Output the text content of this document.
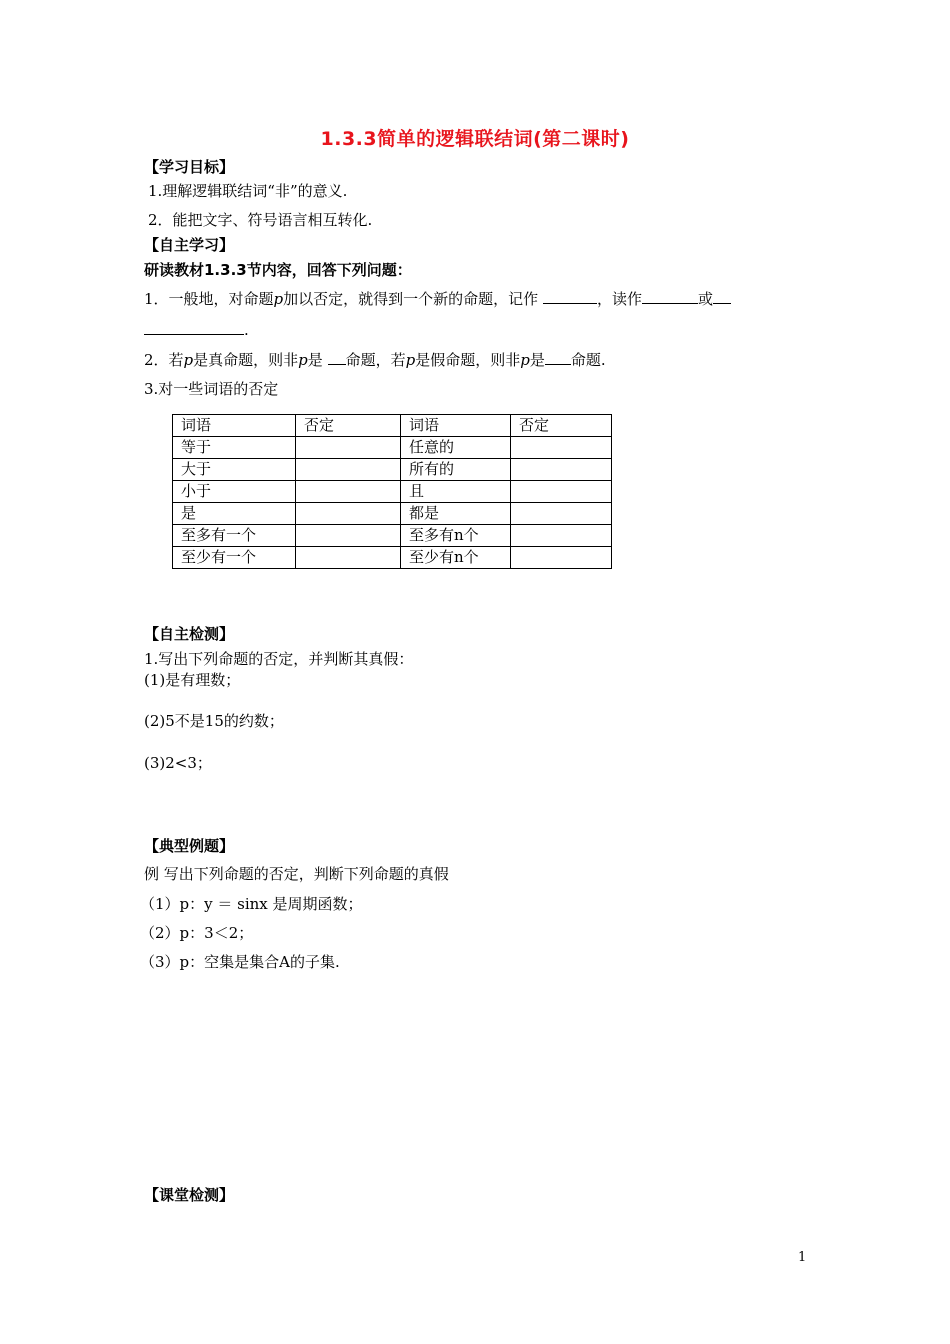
1.3.3简单的逻辑联结词(第二课时)
【学习目标】
1.理解逻辑联结词“非”的意义.
2．能把文字、符号语言相互转化.
【自主学习】
研读教材1.3.3节内容，回答下列问题：
1．一般地，对命题p加以否定，就得到一个新的命题，记作	，读作	或
.
2．若p是真命题，则非p是 命题，若p是假命题，则非p是 命题.
3.对一些词语的否定
词语	否定	词语	否定
等于		任意的	
大于		所有的	
小于		且	
是		都是	
至多有一个		至多有n个	
至少有一个		至少有n个	
【自主检测】
1.写出下列命题的否定，并判断其真假：
(1)是有理数；
(2)5不是15的约数；
(3)2<3；
【典型例题】
例 写出下列命题的否定，判断下列命题的真假
（1）p：y ＝ sinx 是周期函数；
（2）p：3＜2；
（3）p：空集是集合A的子集.
【课堂检测】
1
